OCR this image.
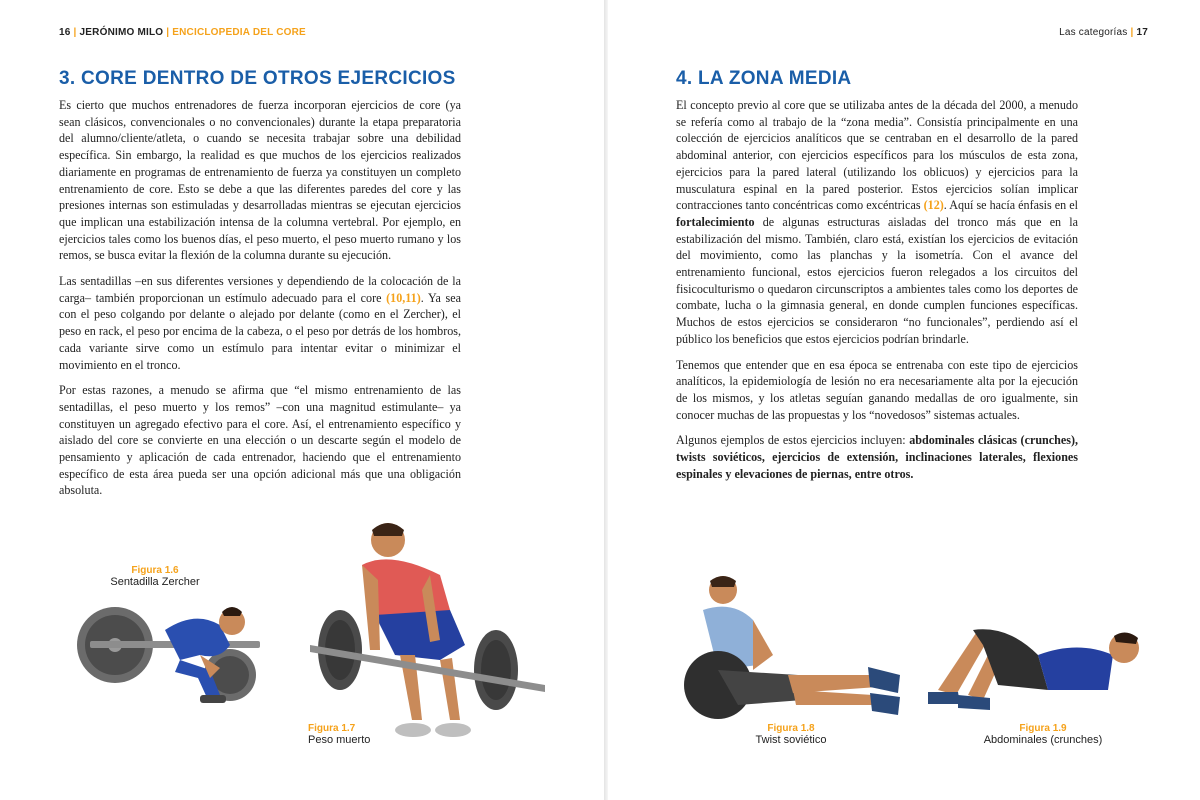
16 | JERÓNIMO MILO | ENCICLOPEDIA DEL CORE
3. CORE DENTRO DE OTROS EJERCICIOS

Es cierto que muchos entrenadores de fuerza incorporan ejercicios de core (ya sean clásicos, convencionales o no convencionales) durante la etapa preparatoria del alumno/cliente/atleta, o cuando se necesita trabajar sobre una debilidad específica. Sin embargo, la realidad es que muchos de los ejercicios realizados diariamente en programas de entrenamiento de fuerza ya constituyen un completo entrenamiento de core. Esto se debe a que las diferentes paredes del core y las presiones internas son estimuladas y desarrolladas mientras se ejecutan ejercicios que implican una estabilización intensa de la columna vertebral. Por ejemplo, en ejercicios tales como los buenos días, el peso muerto, el peso muerto rumano y los remos, se busca evitar la flexión de la columna durante su ejecución.

Las sentadillas –en sus diferentes versiones y dependiendo de la colocación de la carga– también proporcionan un estímulo adecuado para el core (10,11). Ya sea con el peso colgando por delante o alejado por delante (como en el Zercher), el peso en rack, el peso por encima de la cabeza, o el peso por detrás de los hombros, cada variante sirve como un estímulo para intentar evitar o minimizar el movimiento en el tronco.

Por estas razones, a menudo se afirma que “el mismo entrenamiento de las sentadillas, el peso muerto y los remos” –con una magnitud estimulante– ya constituyen un agregado efectivo para el core. Así, el entrenamiento específico y aislado del core se convierte en una elección o un descarte según el modelo de pensamiento y aplicación de cada entrenador, haciendo que el entrenamiento específico de esta área pueda ser una opción adicional más que una obligación absoluta.

Figura 1.6
Sentadilla Zercher
Figura 1.7
Peso muerto
Las categorías | 17
4. LA ZONA MEDIA

El concepto previo al core que se utilizaba antes de la década del 2000, a menudo se refería como al trabajo de la “zona media”. Consistía principalmente en una colección de ejercicios analíticos que se centraban en el desarrollo de la pared abdominal anterior, con ejercicios específicos para los músculos de esta zona, ejercicios para la pared lateral (utilizando los oblicuos) y ejercicios para la musculatura espinal en la pared posterior. Estos ejercicios solían implicar contracciones tanto concéntricas como excéntricas (12). Aquí se hacía énfasis en el fortalecimiento de algunas estructuras aisladas del tronco más que en la estabilización del mismo. También, claro está, existían los ejercicios de evitación del movimiento, como las planchas y la isometría. Con el avance del entrenamiento funcional, estos ejercicios fueron relegados a los circuitos del fisicoculturismo o quedaron circunscriptos a ambientes tales como los deportes de combate, lucha o la gimnasia general, en donde cumplen funciones específicas. Muchos de estos ejercicios se consideraron “no funcionales”, perdiendo así el público los beneficios que estos ejercicios podrían brindarle.

Tenemos que entender que en esa época se entrenaba con este tipo de ejercicios analíticos, la epidemiología de lesión no era necesariamente alta por la ejecución de los mismos, y los atletas seguían ganando medallas de oro igualmente, sin conocer muchas de las propuestas y los “novedosos” sistemas actuales.

Algunos ejemplos de estos ejercicios incluyen: abdominales clásicas (crunches), twists soviéticos, ejercicios de extensión, inclinaciones laterales, flexiones espinales y elevaciones de piernas, entre otros.

Figura 1.8
Twist soviético
Figura 1.9
Abdominales (crunches)
